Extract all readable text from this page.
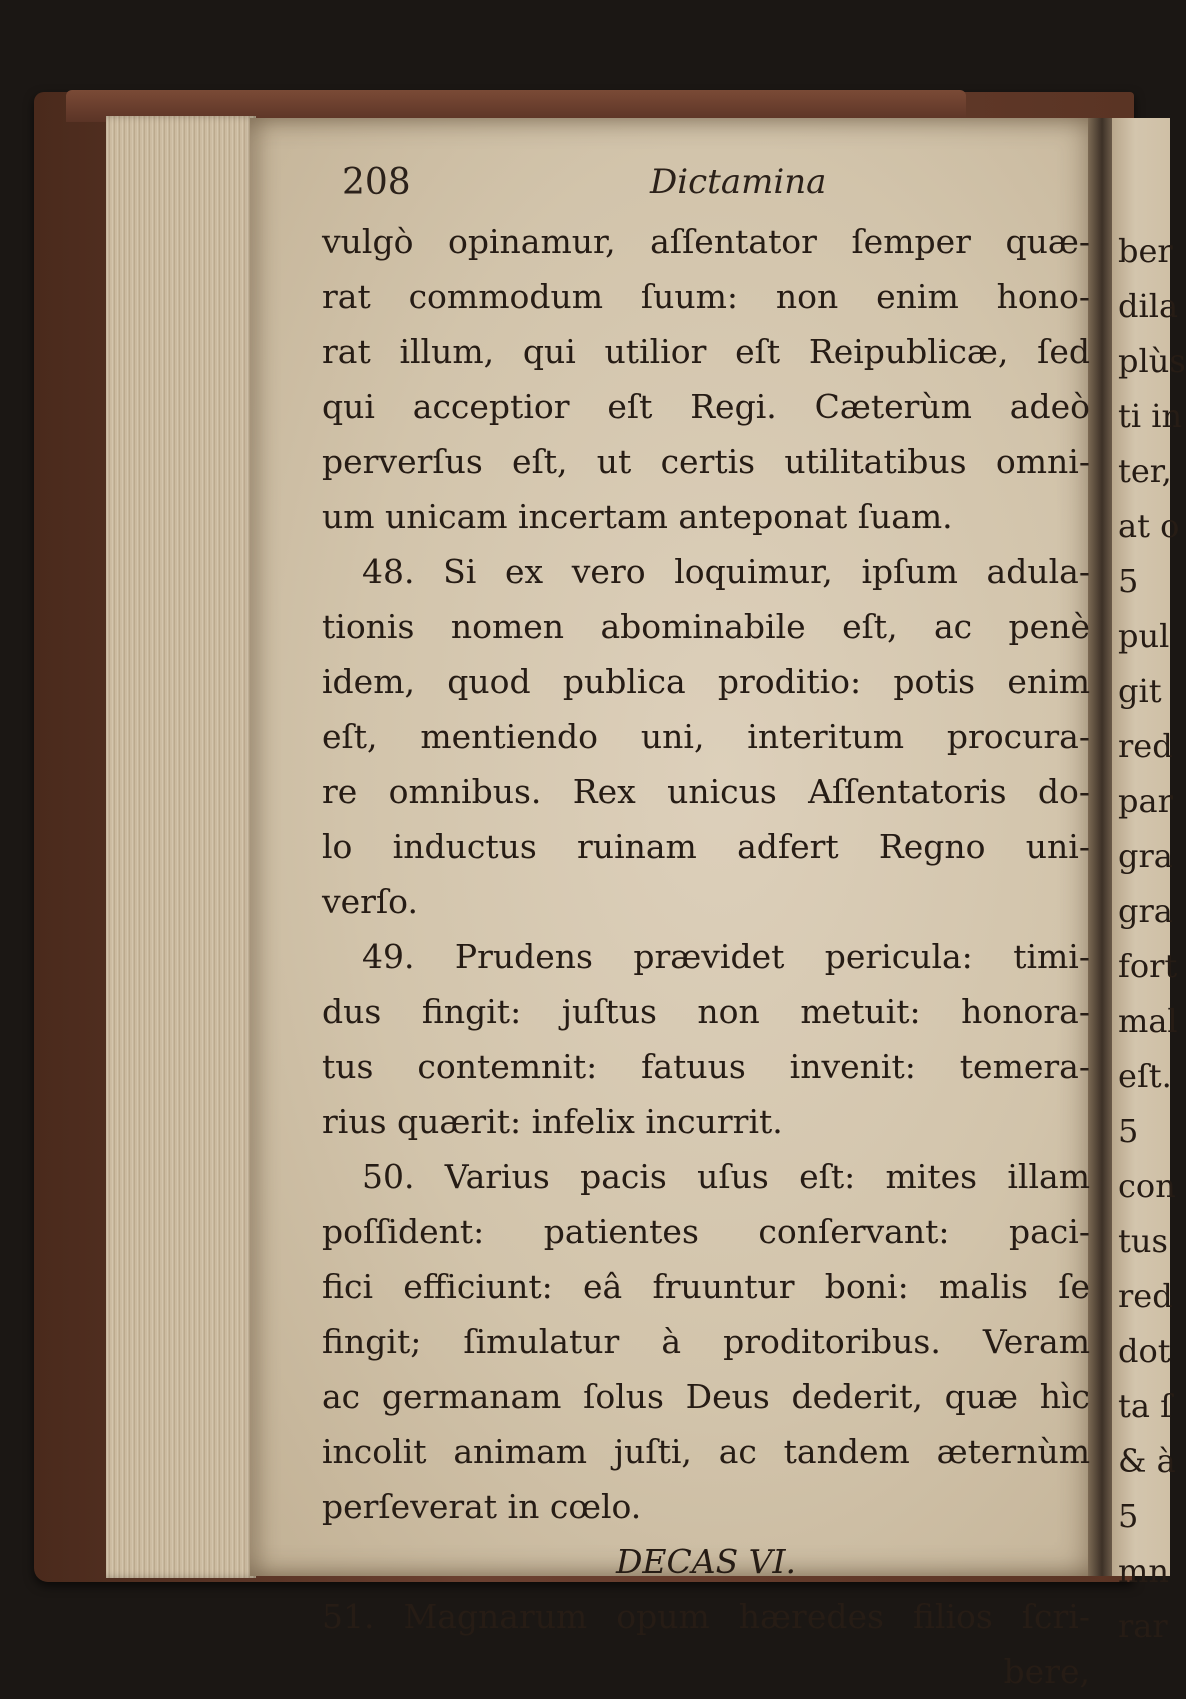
ber
dila
plùs
ti in
ter,
at o
5
pul
git
red
par
gra
gra
fort
mal
eſt.
5
con
tus
red
dot
ta ſ
& à
5
mn
rar
208	Dictamina
vulgò opinamur, aſſentator ſemper quæ-
rat commodum ſuum: non enim hono-
rat illum, qui utilior eſt Reipublicæ, ſed
qui acceptior eſt Regi. Cæterùm adeò
perverſus eſt, ut certis utilitatibus omni-
um unicam incertam anteponat ſuam.
48. Si ex vero loquimur, ipſum adula-
tionis nomen abominabile eſt, ac penè
idem, quod publica proditio: potis enim
eſt, mentiendo uni, interitum procura-
re omnibus. Rex unicus Aſſentatoris do-
lo inductus ruinam adfert Regno uni-
verſo.
49. Prudens prævidet pericula: timi-
dus fingit: juſtus non metuit: honora-
tus contemnit: fatuus invenit: temera-
rius quærit: infelix incurrit.
50. Varius pacis uſus eſt: mites illam
poſſident: patientes conſervant: paci-
fici efficiunt: eâ fruuntur boni: malis ſe
fingit; ſimulatur à proditoribus. Veram
ac germanam ſolus Deus dederit, quæ hìc
incolit animam juſti, ac tandem æternùm
perſeverat in cœlo.
DECAS VI.
51. Magnarum opum hæredes filios ſcri-
bere,
